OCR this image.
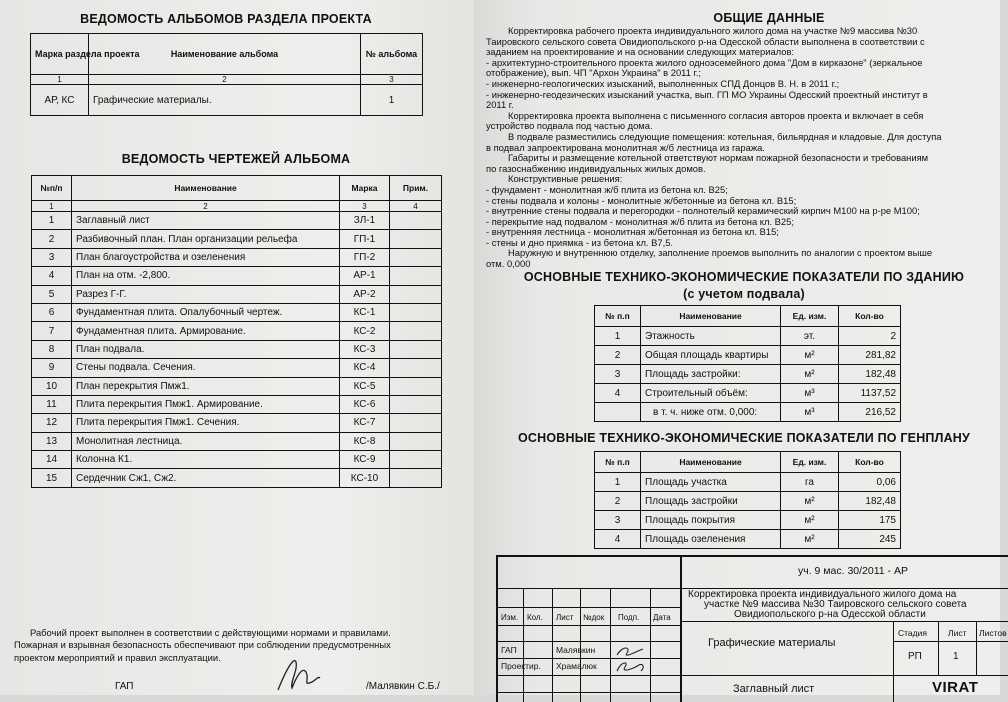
ВЕДОМОСТЬ АЛЬБОМОВ РАЗДЕЛА ПРОЕКТА
Марка раздела проекта	Наименование альбома	№ альбома
1	2	3
АР, КС	Графические материалы.	1
ВЕДОМОСТЬ ЧЕРТЕЖЕЙ АЛЬБОМА
№п/п	Наименование	Марка	Прим.
1	2	3	4
1	Заглавный лист	ЗЛ-1	
2	Разбивочный план. План организации рельефа	ГП-1	
3	План благоустройства и озеленения	ГП-2	
4	План на отм. -2,800.	АР-1	
5	Разрез Г-Г.	АР-2	
6	Фундаментная плита. Опалубочный чертеж.	КС-1	
7	Фундаментная плита. Армирование.	КС-2	
8	План подвала.	КС-3	
9	Стены подвала. Сечения.	КС-4	
10	План перекрытия Пмж1.	КС-5	
11	Плита перекрытия Пмж1. Армирование.	КС-6	
12	Плита перекрытия Пмж1. Сечения.	КС-7	
13	Монолитная лестница.	КС-8	
14	Колонна К1.	КС-9	
15	Сердечник Сж1, Сж2.	КС-10	
Рабочий проект выполнен в соответствии с действующими нормами и правилами.
Пожарная и взрывная безопасность обеспечивают при соблюдении предусмотренных
проектом мероприятий и правил эксплуатации.
ГАП	/Малявкин С.Б./
ОБЩИЕ ДАННЫЕ

Корректировка рабочего проекта индивидуального жилого дома на участке №9 массива №30

Таировского сельского совета Овидиопольского р-на Одесской области выполнена в соответствии с

заданием на проектирование и на основании следующих материалов:

- архитектурно-строительного проекта жилого одноэсемейного дома "Дом в кирказоне" (зеркальное

отображение), вып. ЧП "Архон Украина" в 2011 г.;

- инженерно-геологических изысканий, выполненных СПД Донцов В. Н. в 2011 г.;

- инженерно-геодезических изысканий участка, вып. ГП МО Украины Одесский проектный институт в

2011 г.

Корректировка проекта выполнена с письменного согласия авторов проекта и включает в себя

устройство подвала под частью дома.

В подвале разместились следующие помещения: котельная, бильярдная и кладовые. Для доступа

в подвал запроектирована монолитная ж/б лестница из гаража.

Габариты и размещение котельной ответствуют нормам пожарной безопасности и требованиям

по газоснабжению индивидуальных жилых домов.

Конструктивные решения:

- фундамент - монолитная ж/б плита из бетона кл. В25;

- стены подвала и колоны - монолитные ж/бетонные из бетона кл. В15;

- внутренние стены подвала и перегородки - полнотелый керамический кирпич М100 на р-ре М100;

- перекрытие над подвалом - монолитная ж/б плита из бетона кл. В25;

- внутренняя лестница - монолитная ж/бетонная из бетона кл. В15;

- стены и дно приямка - из бетона кл. В7,5.

Наружную и внутреннюю отделку, заполнение проемов выполнить по аналогии с проектом выше

отм. 0,000

ОСНОВНЫЕ ТЕХНИКО-ЭКОНОМИЧЕСКИЕ ПОКАЗАТЕЛИ ПО ЗДАНИЮ
(с учетом подвала)
№ п.п	Наименование	Ед. изм.	Кол-во
1	Этажность	эт.	2
2	Общая площадь квартиры	м²	281,82
3	Площадь застройки:	м²	182,48
4	Строительный объём:	м³	1137,52
	в т. ч. ниже отм. 0,000:	м³	216,52
ОСНОВНЫЕ ТЕХНИКО-ЭКОНОМИЧЕСКИЕ ПОКАЗАТЕЛИ ПО ГЕНПЛАНУ
№ п.п	Наименование	Ед. изм.	Кол-во
1	Площадь участка	га	0,06
2	Площадь застройки	м²	182,48
3	Площадь покрытия	м²	175
4	Площадь озеленения	м²	245
уч. 9 мас. 30/2011 - АР
Корректировка проекта индивидуального жилого дома на
участке №9 массива №30 Таировского сельского совета
Овидиопольского р-на Одесской области
Изм. Кол. Лист №док Подп. Дата
ГАП	Малявкин
Проектир. Храмалюк
Графические материалы
Стадия Лист Листов
РП	1
Заглавный лист	VIRAT
